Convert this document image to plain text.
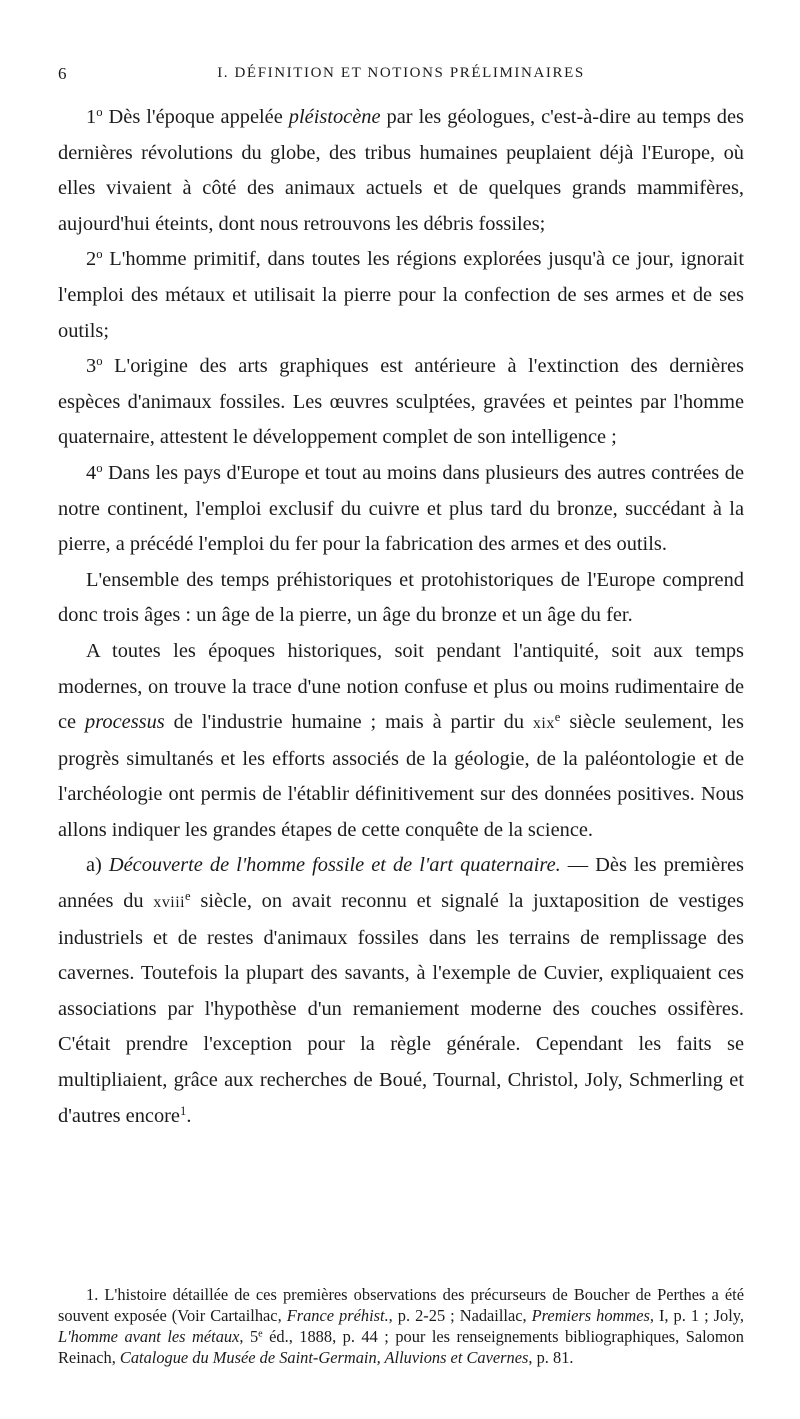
6	I. DÉFINITION ET NOTIONS PRÉLIMINAIRES

1$^o$ Dès l'époque appelée pléistocène par les géologues, c'est-à-dire au temps des dernières révolutions du globe, des tribus humaines peuplaient déjà l'Europe, où elles vivaient à côté des animaux actuels et de quelques grands mammifères, aujourd'hui éteints, dont nous retrouvons les débris fossiles;

2$^o$ L'homme primitif, dans toutes les régions explorées jusqu'à ce jour, ignorait l'emploi des métaux et utilisait la pierre pour la confection de ses armes et de ses outils;

3$^o$ L'origine des arts graphiques est antérieure à l'extinction des dernières espèces d'animaux fossiles. Les œuvres sculptées, gravées et peintes par l'homme quaternaire, attestent le développement complet de son intelligence ;

4$^o$ Dans les pays d'Europe et tout au moins dans plusieurs des autres contrées de notre continent, l'emploi exclusif du cuivre et plus tard du bronze, succédant à la pierre, a précédé l'emploi du fer pour la fabrication des armes et des outils.

L'ensemble des temps préhistoriques et protohistoriques de l'Europe comprend donc trois âges : un âge de la pierre, un âge du bronze et un âge du fer.

A toutes les époques historiques, soit pendant l'antiquité, soit aux temps modernes, on trouve la trace d'une notion confuse et plus ou moins rudimentaire de ce processus de l'industrie humaine ; mais à partir du xix$^e$ siècle seulement, les progrès simultanés et les efforts associés de la géologie, de la paléontologie et de l'archéologie ont permis de l'établir définitivement sur des données positives. Nous allons indiquer les grandes étapes de cette conquête de la science.

a) Découverte de l'homme fossile et de l'art quaternaire. — Dès les premières années du xviii$^e$ siècle, on avait reconnu et signalé la juxtaposition de vestiges industriels et de restes d'animaux fossiles dans les terrains de remplissage des cavernes. Toutefois la plupart des savants, à l'exemple de Cuvier, expliquaient ces associations par l'hypothèse d'un remaniement moderne des couches ossifères. C'était prendre l'exception pour la règle générale. Cependant les faits se multipliaient, grâce aux recherches de Boué, Tournal, Christol, Joly, Schmerling et d'autres encore$^1$.

1. L'histoire détaillée de ces premières observations des précurseurs de Boucher de Perthes a été souvent exposée (Voir Cartailhac, France préhist., p. 2-25 ; Nadaillac, Premiers hommes, I, p. 1 ; Joly, L'homme avant les métaux, 5e éd., 1888, p. 44 ; pour les renseignements bibliographiques, Salomon Reinach, Catalogue du Musée de Saint-Germain, Alluvions et Cavernes, p. 81.
